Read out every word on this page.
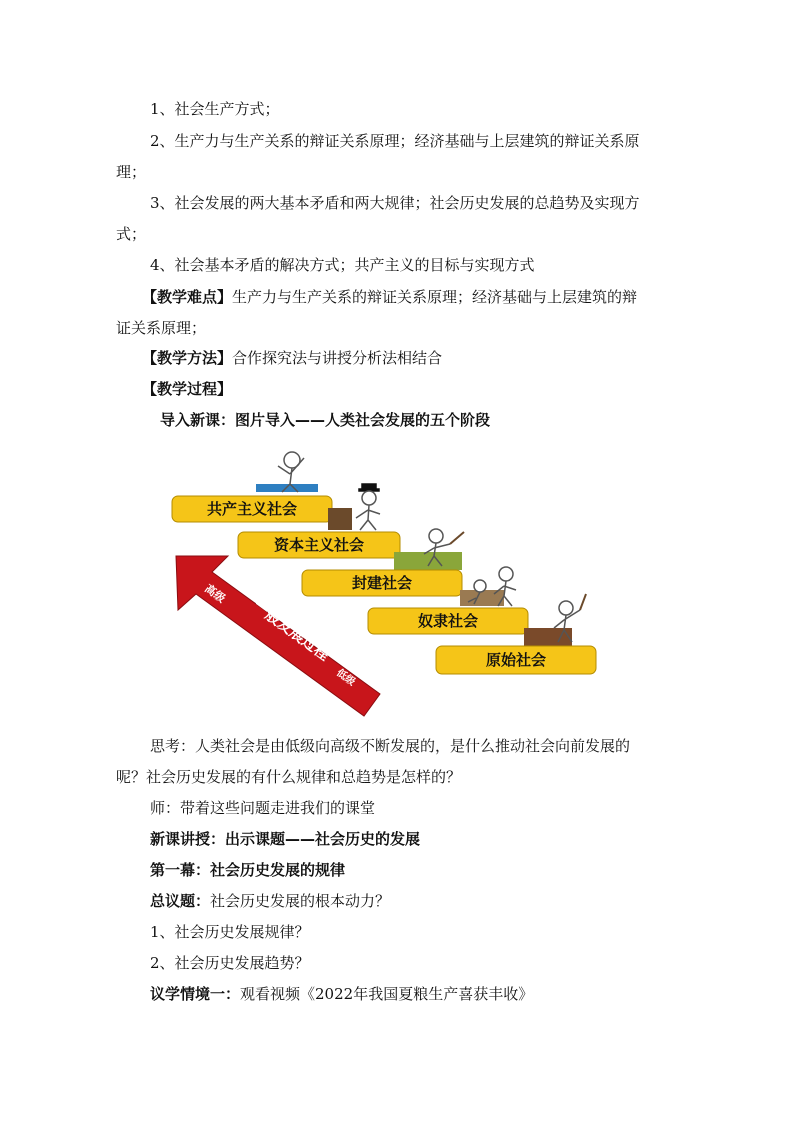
1、社会生产方式；
2、生产力与生产关系的辩证关系原理；经济基础与上层建筑的辩证关系原
理；
3、社会发展的两大基本矛盾和两大规律；社会历史发展的总趋势及实现方
式；
4、社会基本矛盾的解决方式；共产主义的目标与实现方式
【教学难点】生产力与生产关系的辩证关系原理；经济基础与上层建筑的辩
证关系原理；
【教学方法】合作探究法与讲授分析法相结合
【教学过程】
导入新课：图片导入——人类社会发展的五个阶段
高级
一般发展过程
低级
共产主义社会
资本主义社会
封建社会
奴隶社会
原始社会
思考：人类社会是由低级向高级不断发展的，是什么推动社会向前发展的
呢？社会历史发展的有什么规律和总趋势是怎样的？
师：带着这些问题走进我们的课堂
新课讲授：出示课题——社会历史的发展
第一幕：社会历史发展的规律
总议题：社会历史发展的根本动力？
1、社会历史发展规律？
2、社会历史发展趋势？
议学情境一：观看视频《2022年我国夏粮生产喜获丰收》
